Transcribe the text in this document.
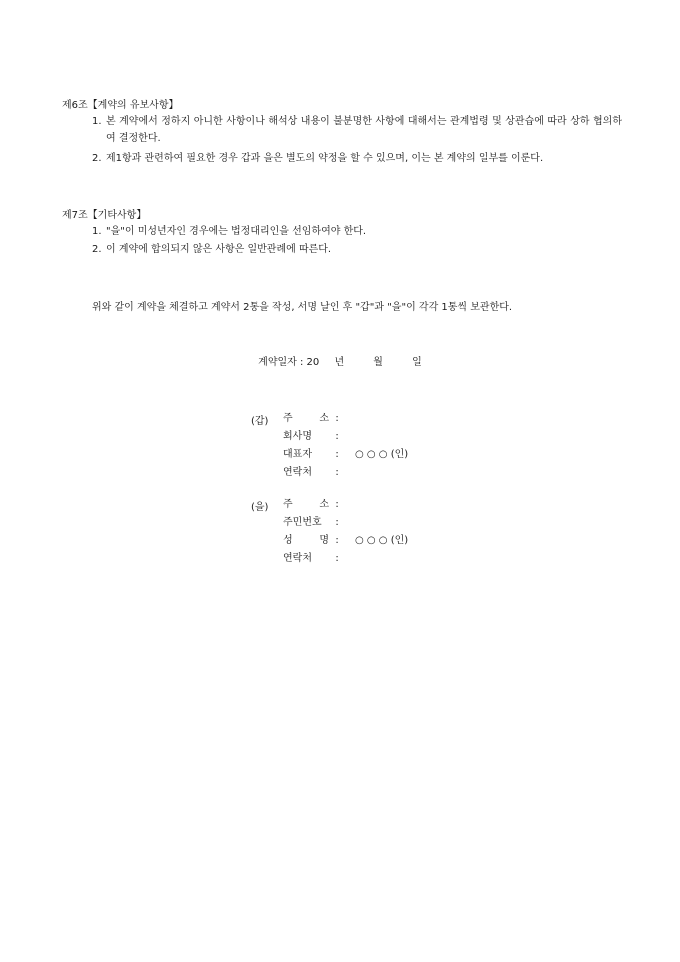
제6조【계약의 유보사항】
1. 본 계약에서 정하지 아니한 사항이나 해석상 내용이 불분명한 사항에 대해서는 관계법령 및 상관습에 따라 상하 협의하여 결정한다.
2. 제1항과 관련하여 필요한 경우 갑과 을은 별도의 약정을 할 수 있으며, 이는 본 계약의 일부를 이룬다.
제7조【기타사항】
1. "을"이 미성년자인 경우에는 법정대리인을 선임하여야 한다.
2. 이 계약에 합의되지 않은 사항은 일반관례에 따른다.
위와 같이 계약을 체결하고 계약서 2통을 작성, 서명 날인 후 "갑"과 "을"이 각각 1통씩 보관한다.
계약일자 : 20 년	월	일
(갑) 주 소 :
회사명 :
대표자 : ○ ○ ○ (인)
연락처 :
(을) 주 소 :
주민번호 :
성 명 : ○ ○ ○ (인)
연락처 :
